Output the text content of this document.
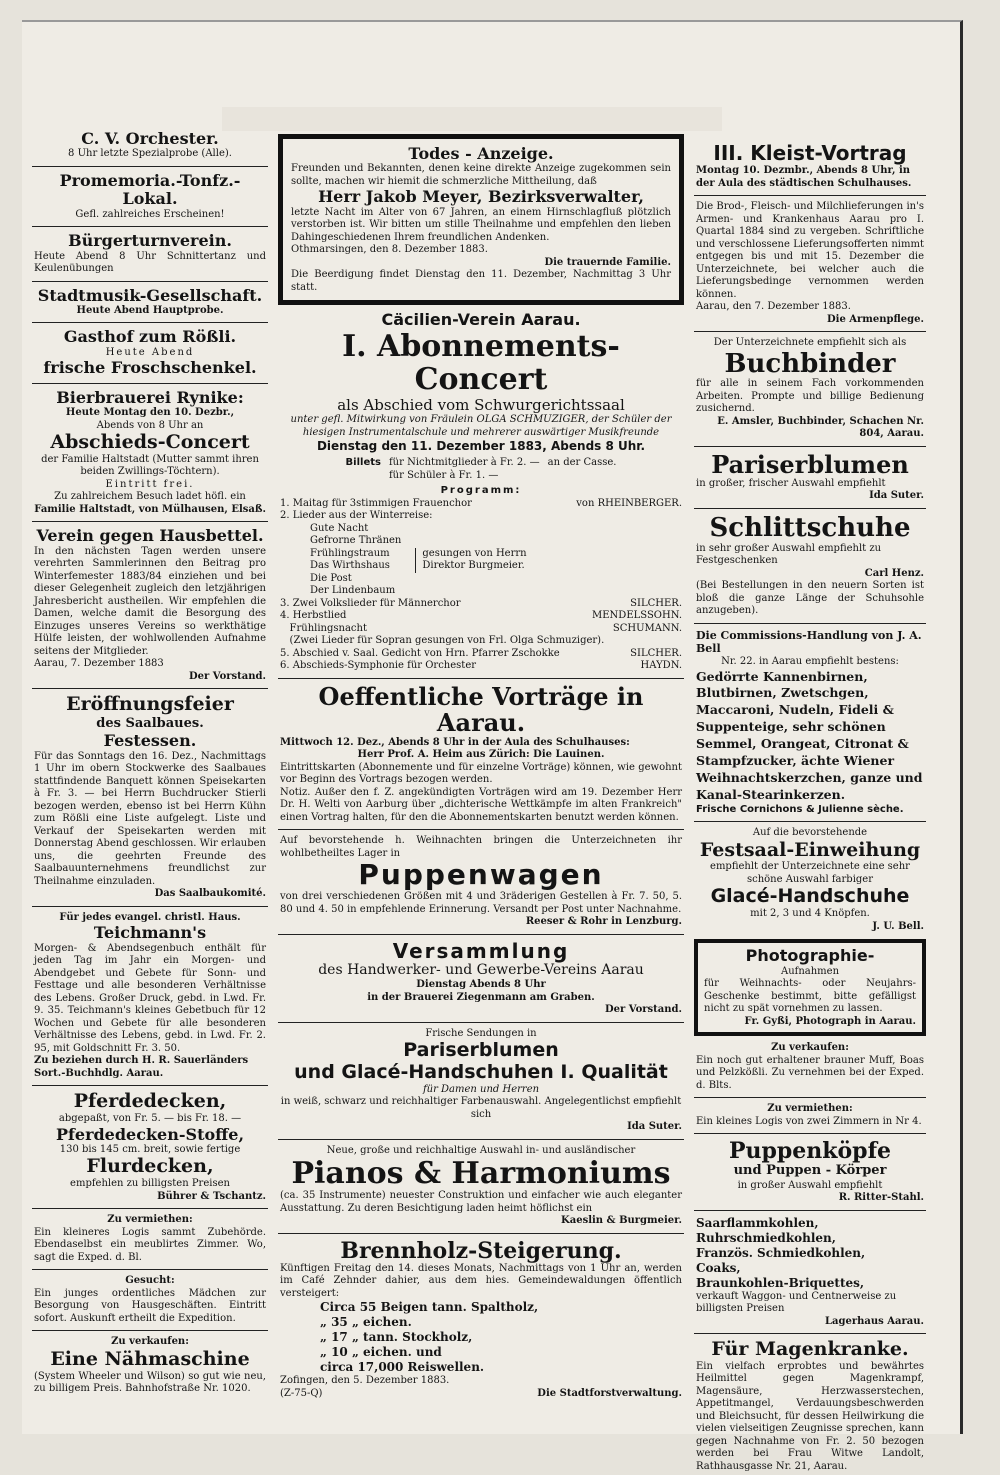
C. V. Orchester.
8 Uhr letzte Spezialprobe (Alle).
Promemoria.-Tonfz.-Lokal.
Gefl. zahlreiches Erscheinen!
Bürgerturnverein.
Heute Abend 8 Uhr Schnittertanz und Keulenübungen
Stadtmusik-Gesellschaft.
Heute Abend Hauptprobe.
Gasthof zum Rößli.
Heute Abend
frische Froschschenkel.
Bierbrauerei Rynike:
Heute Montag den 10. Dezbr.,
Abends von 8 Uhr an
Abschieds-Concert
der Familie Haltstadt (Mutter sammt ihren beiden Zwillings-Töchtern).
Eintritt frei.
Zu zahlreichem Besuch ladet höfl. ein
Familie Haltstadt, von Mülhausen, Elsaß.
Verein gegen Hausbettel.
In den nächsten Tagen werden unsere verehrten Sammlerinnen den Beitrag pro Winterfemester 1883/84 einziehen und bei dieser Gelegenheit zugleich den letzjährigen Jahresbericht austheilen. Wir empfehlen die Damen, welche damit die Besorgung des Einzuges unseres Vereins so werkthätige Hülfe leisten, der wohlwollenden Aufnahme seitens der Mitglieder.
Aarau, 7. Dezember 1883
Der Vorstand.
Eröffnungsfeier
des Saalbaues.
Festessen.
Für das Sonntags den 16. Dez., Nachmittags 1 Uhr im obern Stockwerke des Saalbaues stattfindende Banquett können Speisekarten à Fr. 3. — bei Herrn Buchdrucker Stierli bezogen werden, ebenso ist bei Herrn Kühn zum Rößli eine Liste aufgelegt. Liste und Verkauf der Speisekarten werden mit Donnerstag Abend geschlossen. Wir erlauben uns, die geehrten Freunde des Saalbauunternehmens freundlichst zur Theilnahme einzuladen.
Das Saalbaukomité.
Für jedes evangel. christl. Haus.
Teichmann's
Morgen- & Abendsegenbuch enthält für jeden Tag im Jahr ein Morgen- und Abendgebet und Gebete für Sonn- und Festtage und alle besonderen Verhältnisse des Lebens. Großer Druck, gebd. in Lwd. Fr. 9. 35. Teichmann's kleines Gebetbuch für 12 Wochen und Gebete für alle besonderen Verhältnisse des Lebens, gebd. in Lwd. Fr. 2. 95, mit Goldschnitt Fr. 3. 50.
Zu beziehen durch H. R. Sauerländers Sort.-Buchhdlg. Aarau.
Pferdedecken,
abgepaßt, von Fr. 5. — bis Fr. 18. —
Pferdedecken-Stoffe,
130 bis 145 cm. breit, sowie fertige
Flurdecken,
empfehlen zu billigsten Preisen
Bührer & Tschantz.
Zu vermiethen:
Ein kleineres Logis sammt Zubehörde. Ebendaselbst ein meublirtes Zimmer. Wo, sagt die Exped. d. Bl.
Gesucht:
Ein junges ordentliches Mädchen zur Besorgung von Hausgeschäften. Eintritt sofort. Auskunft ertheilt die Expedition.
Zu verkaufen:
Eine Nähmaschine
(System Wheeler und Wilson) so gut wie neu, zu billigem Preis. Bahnhofstraße Nr. 1020.
Todes - Anzeige.
Freunden und Bekannten, denen keine direkte Anzeige zugekommen sein sollte, machen wir hiemit die schmerzliche Mittheilung, daß
Herr Jakob Meyer, Bezirksverwalter,
letzte Nacht im Alter von 67 Jahren, an einem Hirnschlagfluß plötzlich verstorben ist. Wir bitten um stille Theilnahme und empfehlen den lieben Dahingeschiedenen Ihrem freundlichen Andenken.
Othmarsingen, den 8. Dezember 1883.
Die trauernde Familie.
Die Beerdigung findet Dienstag den 11. Dezember, Nachmittag 3 Uhr statt.
Cäcilien-Verein Aarau.
I. Abonnements-Concert
als Abschied vom Schwurgerichtssaal
unter gefl. Mitwirkung von Fräulein OLGA SCHMUZIGER, der Schüler der hiesigen Instrumentalschule und mehrerer auswärtiger Musikfreunde
Dienstag den 11. Dezember 1883, Abends 8 Uhr.
Billets für Nichtmitglieder à Fr. 2. —
für Schüler à Fr. 1. —
an der Casse.
Programm:
1. Maitag für 3stimmigen Frauenchor	von RHEINBERGER.
2. Lieder aus der Winterreise:
Gute Nacht
Gefrorne Thränen
Frühlingstraum
Das Wirthshaus
Die Post
Der Lindenbaum
gesungen von Herrn Direktor Burgmeier.
3. Zwei Volkslieder für Männerchor	SILCHER.
4. Herbstlied	MENDELSSOHN.
Frühlingsnacht	SCHUMANN.
(Zwei Lieder für Sopran gesungen von Frl. Olga Schmuziger).
5. Abschied v. Saal. Gedicht von Hrn. Pfarrer Zschokke	SILCHER.
6. Abschieds-Symphonie für Orchester	HAYDN.
Oeffentliche Vorträge in Aarau.
Mittwoch 12. Dez., Abends 8 Uhr in der Aula des Schulhauses:
Herr Prof. A. Heim aus Zürich: Die Lauinen.
Eintrittskarten (Abonnemente und für einzelne Vorträge) können, wie gewohnt vor Beginn des Vortrags bezogen werden.
Notiz. Außer den f. Z. angekündigten Vorträgen wird am 19. Dezember Herr Dr. H. Welti von Aarburg über „dichterische Wettkämpfe im alten Frankreich" einen Vortrag halten, für den die Abonnementskarten benutzt werden können.
Auf bevorstehende h. Weihnachten bringen die Unterzeichneten ihr wohlbetheiltes Lager in
Puppenwagen
von drei verschiedenen Größen mit 4 und 3räderigen Gestellen à Fr. 7. 50, 5. 80 und 4. 50 in empfehlende Erinnerung. Versandt per Post unter Nachnahme.
Reeser & Rohr in Lenzburg.
Versammlung
des Handwerker- und Gewerbe-Vereins Aarau
Dienstag Abends 8 Uhr
in der Brauerei Ziegenmann am Graben.
Der Vorstand.
Frische Sendungen in
Pariserblumen
und Glacé-Handschuhen I. Qualität
für Damen und Herren
in weiß, schwarz und reichhaltiger Farbenauswahl. Angelegentlichst empfiehlt sich
Ida Suter.
Neue, große und reichhaltige Auswahl in- und ausländischer
Pianos & Harmoniums
(ca. 35 Instrumente) neuester Construktion und einfacher wie auch eleganter Ausstattung. Zu deren Besichtigung laden heimt höflichst ein
Kaeslin & Burgmeier.
Brennholz-Steigerung.
Künftigen Freitag den 14. dieses Monats, Nachmittags von 1 Uhr an, werden im Café Zehnder dahier, aus dem hies. Gemeindewaldungen öffentlich versteigert:
Circa 55 Beigen tann. Spaltholz,
„ 35 „ eichen.
„ 17 „ tann. Stockholz,
„ 10 „ eichen. und
circa 17,000 Reiswellen.
Zofingen, den 5. Dezember 1883.
(Z-75-Q)	Die Stadtforstverwaltung.
III. Kleist-Vortrag
Montag 10. Dezmbr., Abends 8 Uhr, in der Aula des städtischen Schulhauses.
Die Brod-, Fleisch- und Milchlieferungen in's Armen- und Krankenhaus Aarau pro I. Quartal 1884 sind zu vergeben. Schriftliche und verschlossene Lieferungsofferten nimmt entgegen bis und mit 15. Dezember die Unterzeichnete, bei welcher auch die Lieferungsbedinge vernommen werden können.
Aarau, den 7. Dezember 1883.
Die Armenpflege.
Der Unterzeichnete empfiehlt sich als
Buchbinder
für alle in seinem Fach vorkommenden Arbeiten. Prompte und billige Bedienung zusichernd.
E. Amsler, Buchbinder, Schachen Nr. 804, Aarau.
Pariserblumen
in großer, frischer Auswahl empfiehlt
Ida Suter.
Schlittschuhe
in sehr großer Auswahl empfiehlt zu Festgeschenken
Carl Henz.
(Bei Bestellungen in den neuern Sorten ist bloß die ganze Länge der Schuhsohle anzugeben).
Die Commissions-Handlung von J. A. Bell
Nr. 22. in Aarau empfiehlt bestens:
Gedörrte Kannenbirnen, Blutbirnen, Zwetschgen, Maccaroni, Nudeln, Fideli & Suppenteige, sehr schönen Semmel, Orangeat, Citronat & Stampfzucker, ächte Wiener Weihnachtskerzchen, ganze und Kanal-Stearinkerzen.
Frische Cornichons & Julienne sèche.
Auf die bevorstehende
Festsaal-Einweihung
empfiehlt der Unterzeichnete eine sehr schöne Auswahl farbiger
Glacé-Handschuhe
mit 2, 3 und 4 Knöpfen.
J. U. Bell.
Photographie-
Aufnahmen
für Weihnachts- oder Neujahrs-Geschenke bestimmt, bitte gefälligst nicht zu spät vornehmen zu lassen.
Fr. Gyßi, Photograph in Aarau.
Zu verkaufen:
Ein noch gut erhaltener brauner Muff, Boas und Pelzkößli. Zu vernehmen bei der Exped. d. Blts.
Zu vermiethen:
Ein kleines Logis von zwei Zimmern in Nr 4.
Puppenköpfe
und Puppen - Körper
in großer Auswahl empfiehlt
R. Ritter-Stahl.
Saarflammkohlen,
Ruhrschmiedkohlen,
Französ. Schmiedkohlen,
Coaks,
Braunkohlen-Briquettes,
verkauft Waggon- und Centnerweise zu billigsten Preisen
Lagerhaus Aarau.
Für Magenkranke.
Ein vielfach erprobtes und bewährtes Heilmittel gegen Magenkrampf, Magensäure, Herzwasserstechen, Appetitmangel, Verdauungsbeschwerden und Bleichsucht, für dessen Heilwirkung die vielen vielseitigen Zeugnisse sprechen, kann gegen Nachnahme von Fr. 2. 50 bezogen werden bei Frau Witwe Landolt, Rathhausgasse Nr. 21, Aarau.
